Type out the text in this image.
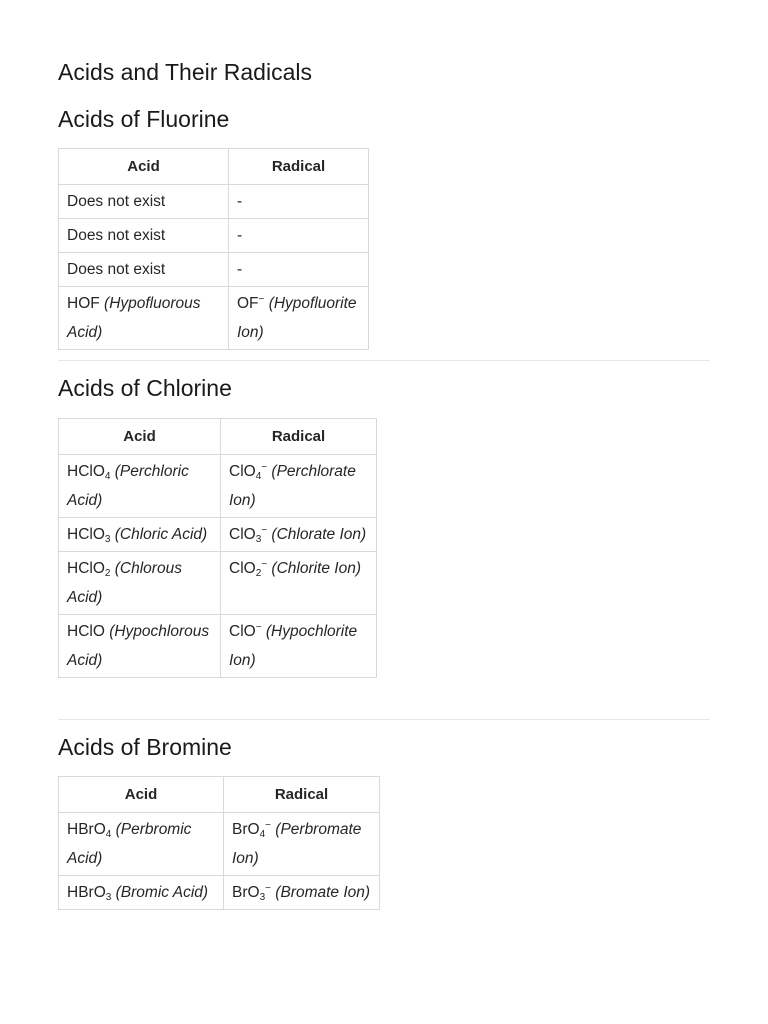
Acids and Their Radicals
Acids of Fluorine
Acid	Radical
Does not exist	-
Does not exist	-
Does not exist	-
HOF (Hypofluorous Acid)	OF− (Hypofluorite Ion)
Acids of Chlorine
Acid	Radical
HClO$_4$ (Perchloric Acid)	ClO$_4$− (Perchlorate Ion)
HClO$_3$ (Chloric Acid)	ClO$_3$− (Chlorate Ion)
HClO$_2$ (Chlorous Acid)	ClO$_2$− (Chlorite Ion)
HClO (Hypochlorous Acid)	ClO− (Hypochlorite Ion)
Acids of Bromine
Acid	Radical
HBrO$_4$ (Perbromic Acid)	BrO$_4$− (Perbromate Ion)
HBrO$_3$ (Bromic Acid)	BrO$_3$− (Bromate Ion)
